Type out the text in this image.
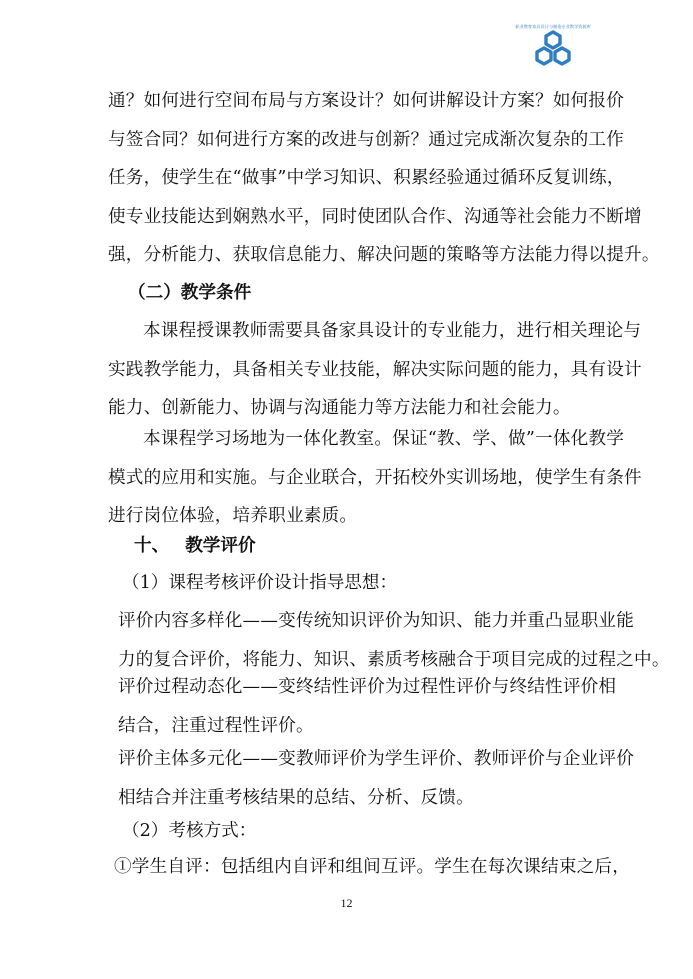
职业教育家具设计与制造专业教学资源库
通？如何进行空间布局与方案设计？如何讲解设计方案？如何报价
与签合同？如何进行方案的改进与创新？通过完成渐次复杂的工作
任务，使学生在“做事”中学习知识、积累经验通过循环反复训练，
使专业技能达到娴熟水平，同时使团队合作、沟通等社会能力不断增
强，分析能力、获取信息能力、解决问题的策略等方法能力得以提升。
（二）教学条件
本课程授课教师需要具备家具设计的专业能力，进行相关理论与
实践教学能力，具备相关专业技能，解决实际问题的能力，具有设计
能力、创新能力、协调与沟通能力等方法能力和社会能力。
本课程学习场地为一体化教室。保证“教、学、做”一体化教学
模式的应用和实施。与企业联合，开拓校外实训场地，使学生有条件
进行岗位体验，培养职业素质。
十、 教学评价
（1）课程考核评价设计指导思想：
评价内容多样化——变传统知识评价为知识、能力并重凸显职业能
力的复合评价，将能力、知识、素质考核融合于项目完成的过程之中。
评价过程动态化——变终结性评价为过程性评价与终结性评价相
结合，注重过程性评价。
评价主体多元化——变教师评价为学生评价、教师评价与企业评价
相结合并注重考核结果的总结、分析、反馈。
（2）考核方式：
①学生自评：包括组内自评和组间互评。学生在每次课结束之后，
12
